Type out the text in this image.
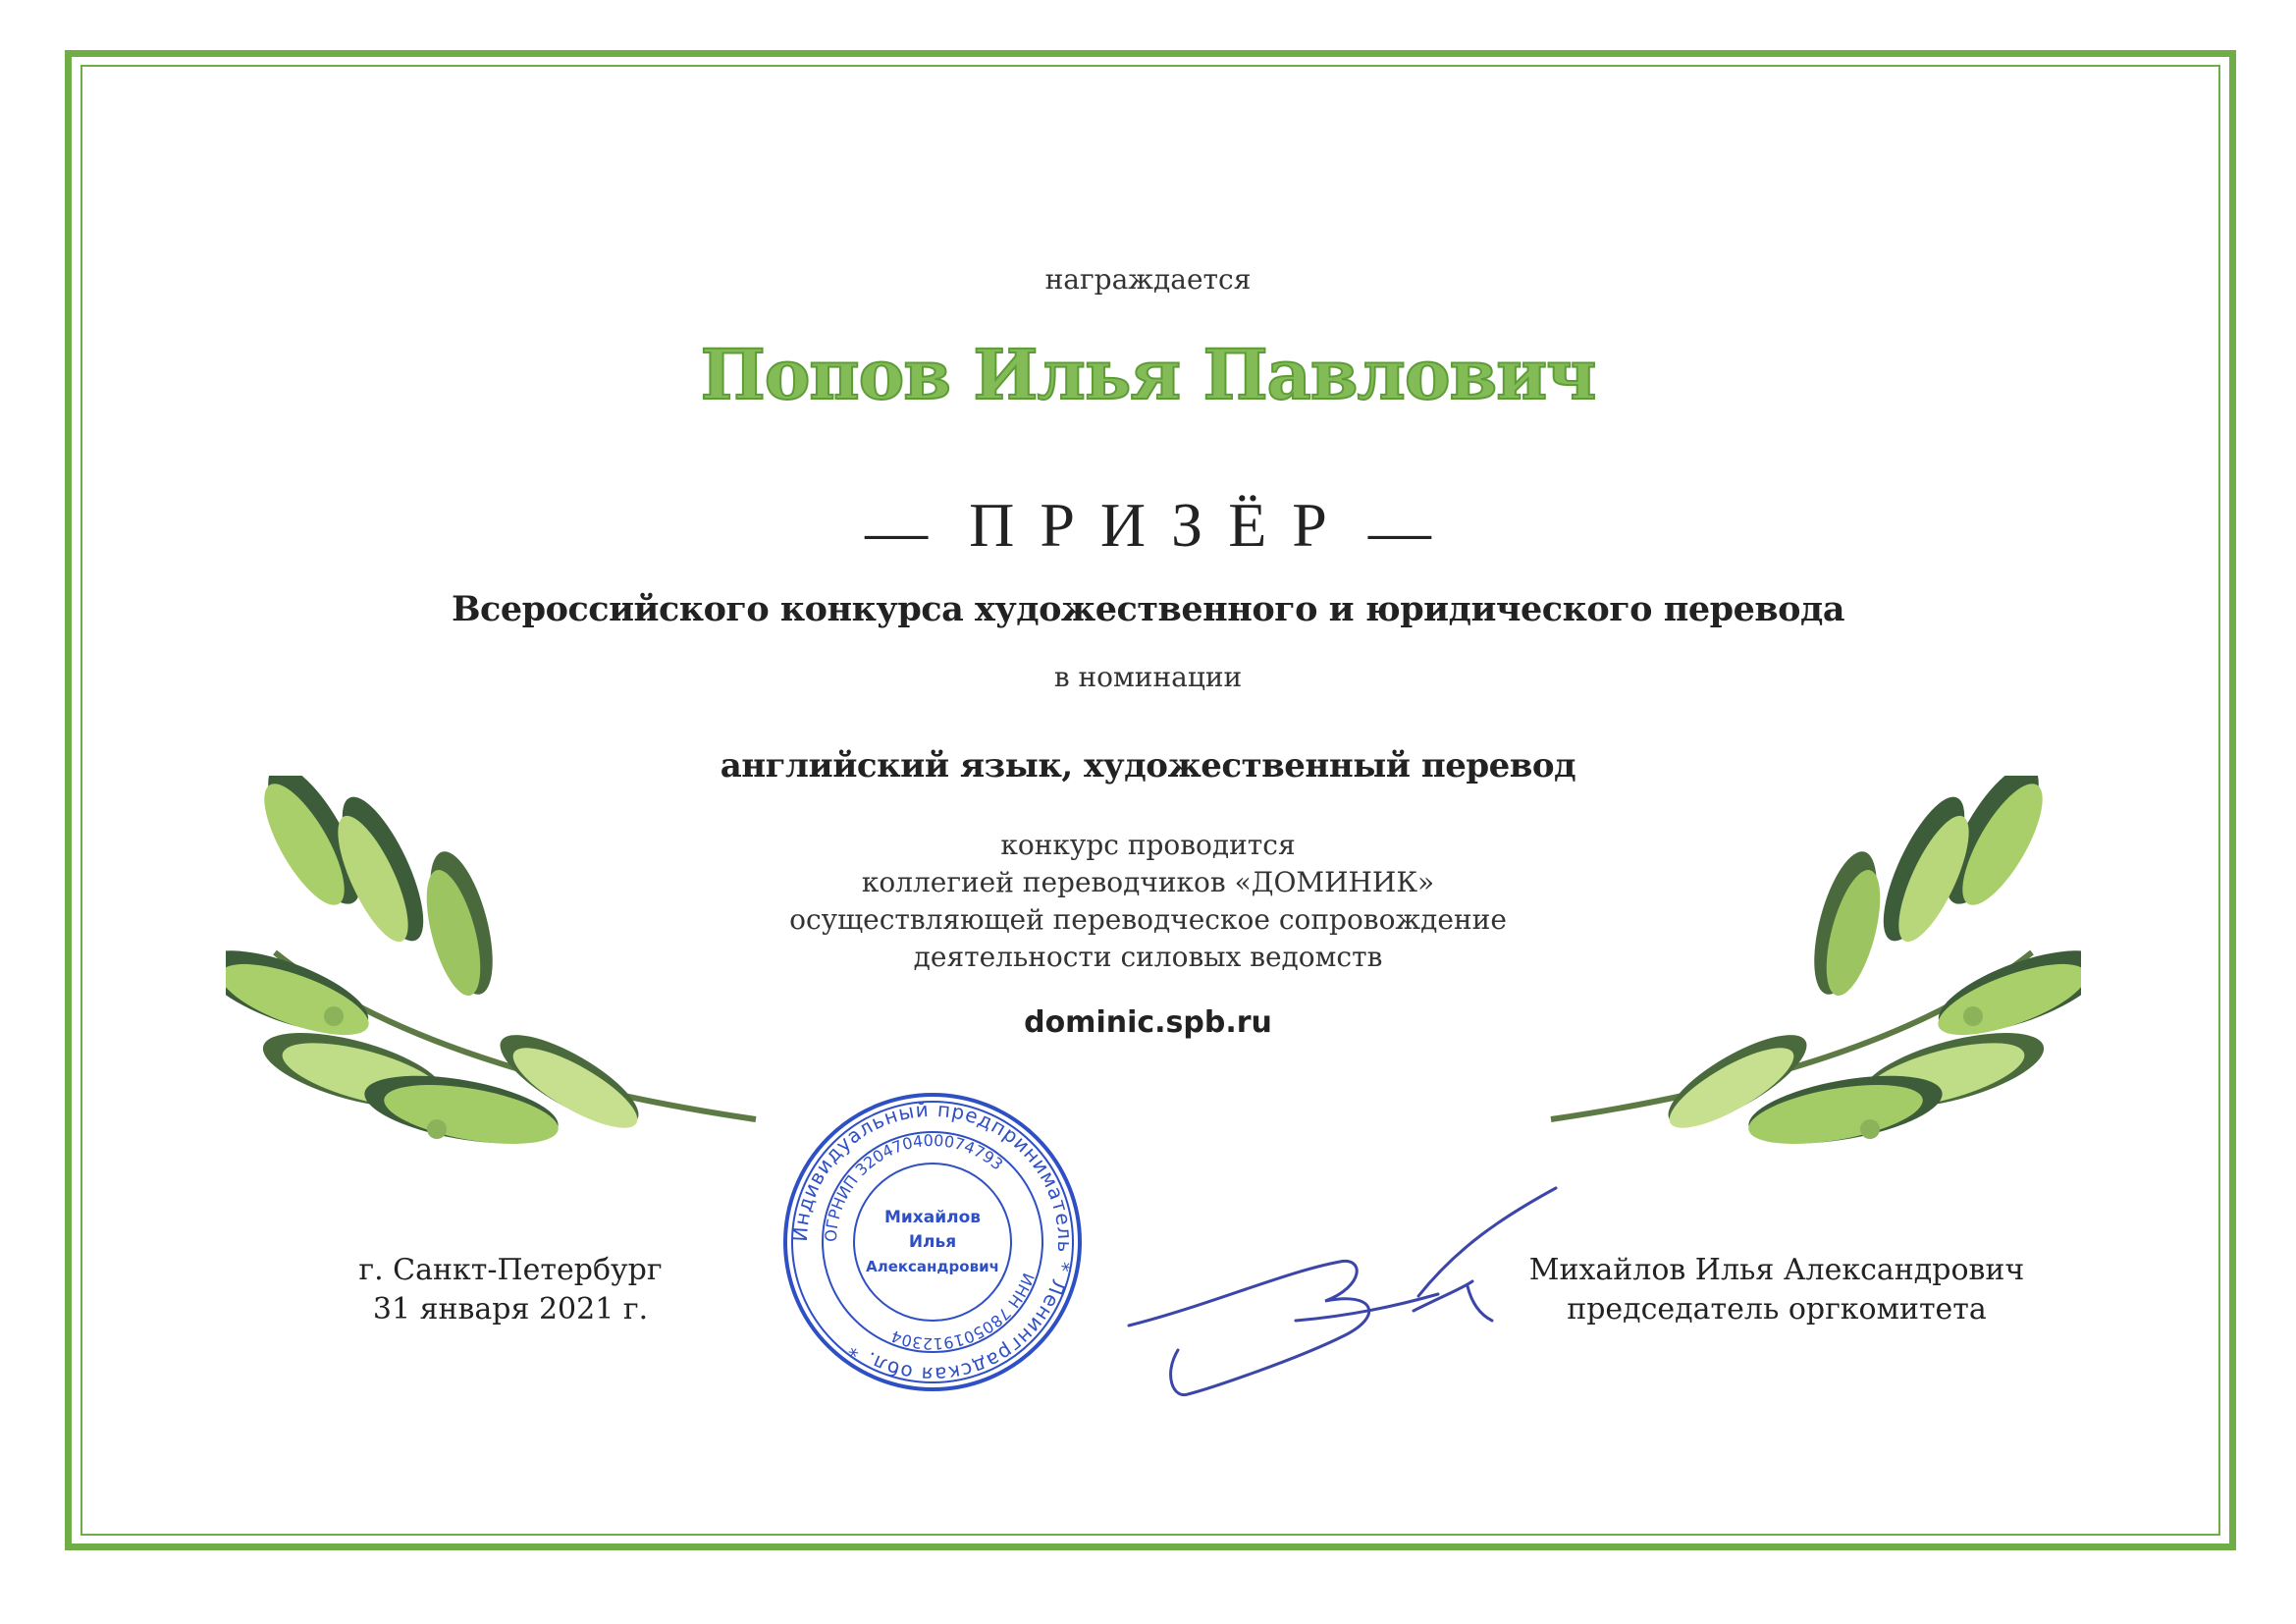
награждается
Попов Илья Павлович
— ПРИЗЁР —
Всероссийского конкурса художественного и юридического перевода
в номинации
английский язык, художественный перевод
конкурс проводится
коллегией переводчиков «ДОМИНИК»
осуществляющей переводческое сопровождение
деятельности силовых ведомств
dominic.spb.ru
г. Санкт-Петербург
31 января 2021 г.
Индивидуальный предприниматель * Ленинградская обл. *
ОГРНИП 320470400074793
ИНН 780501912304
Михайлов
Илья
Александрович	Михайлов Илья Александрович
председатель оргкомитета
